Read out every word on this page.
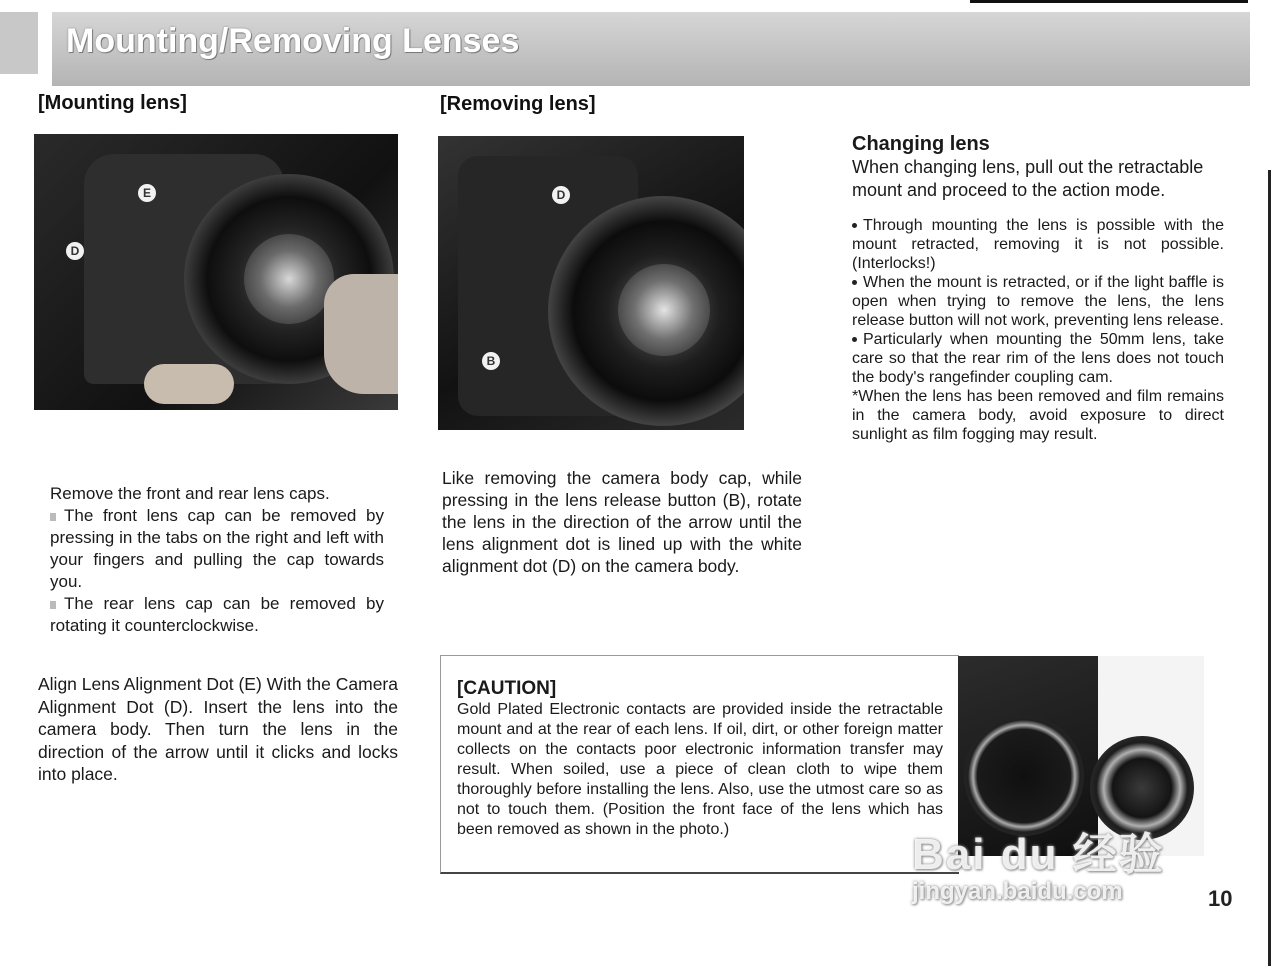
Mounting/Removing Lenses
[Mounting lens]
E
D

Remove the front and rear lens caps.

The front lens cap can be removed by pressing in the tabs on the right and left with your fingers and pulling the cap towards you.

The rear lens cap can be removed by rotating it counterclockwise.

Align Lens Alignment Dot (E) With the Camera Alignment Dot (D). Insert the lens into the camera body. Then turn the lens in the direction of the arrow until it clicks and locks into place.
[Removing lens]
D
B
Like removing the camera body cap, while pressing in the lens release button (B), rotate the lens in the direction of the arrow until the lens alignment dot is lined up with the white alignment dot (D) on the camera body.
Changing lens

When changing lens, pull out the retractable mount and proceed to the action mode.

Through mounting the lens is possible with the mount retracted, removing it is not possible. (Interlocks!)

When the mount is retracted, or if the light baffle is open when trying to remove the lens, the lens release button will not work, preventing lens release.

Particularly when mounting the 50mm lens, take care so that the rear rim of the lens does not touch the body's rangefinder coupling cam.

*When the lens has been removed and film remains in the camera body, avoid exposure to direct sunlight as film fogging may result.

[CAUTION]
Gold Plated Electronic contacts are provided inside the retractable mount and at the rear of each lens. If oil, dirt, or other foreign matter collects on the contacts poor electronic information transfer may result. When soiled, use a piece of clean cloth to wipe them thoroughly before installing the lens. Also, use the utmost care so as not to touch them. (Position the front face of the lens which has been removed as shown in the photo.)
Bai du 经验
jingyan.baidu.com	10
